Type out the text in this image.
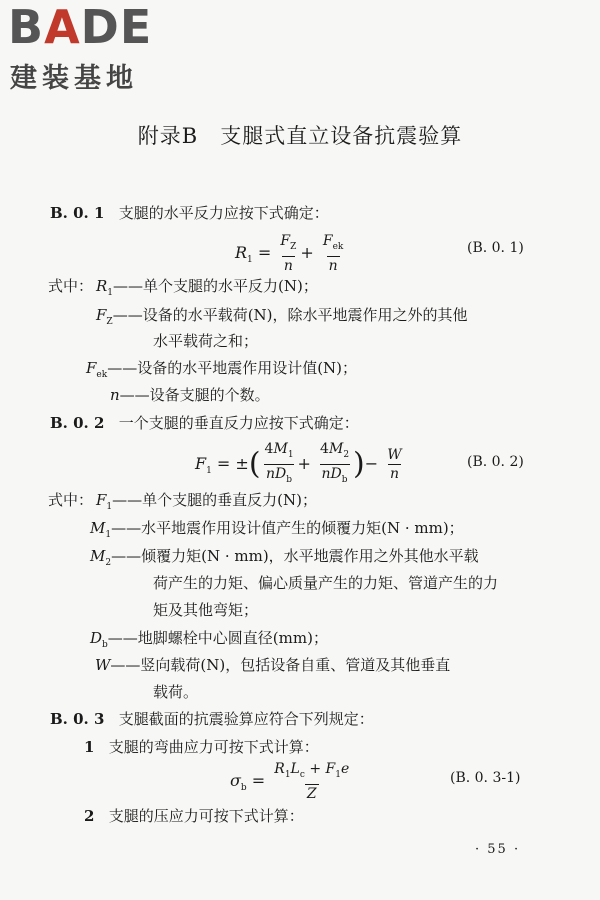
BADE
建装基地
附录B　支腿式直立设备抗震验算
B. 0. 1 支腿的水平反力应按下式确定：
$R_1 = \frac{F_Z}{n} + \frac{F_{ek}}{n}$	(B. 0. 1)
式中： $R_1——$单个支腿的水平反力(N)；
$F_Z——$设备的水平载荷(N)，除水平地震作用之外的其他
水平载荷之和；
$F_{ek}——$设备的水平地震作用设计值(N)；
n——设备支腿的个数。
B. 0. 2 一个支腿的垂直反力应按下式确定：
$F_1$ = ±( $\frac{4M_1}{nD_b} + \frac{4M_2}{nD_b}$ )− $\frac{W}{n}$	(B. 0. 2)
式中： $F_1——$单个支腿的垂直反力(N)；
$M_1——$水平地震作用设计值产生的倾覆力矩(N · mm)；
$M_2——$倾覆力矩(N · mm)，水平地震作用之外其他水平载
荷产生的力矩、偏心质量产生的力矩、管道产生的力
矩及其他弯矩；
$D_b——$地脚螺栓中心圆直径(mm)；
W——竖向载荷(N)，包括设备自重、管道及其他垂直
载荷。
B. 0. 3 支腿截面的抗震验算应符合下列规定：
1 支腿的弯曲应力可按下式计算：
$\sigma_b = \frac{R_1L_c + F_1e}{Z}$	(B. 0. 3-1)
2 支腿的压应力可按下式计算：
· 55 ·
